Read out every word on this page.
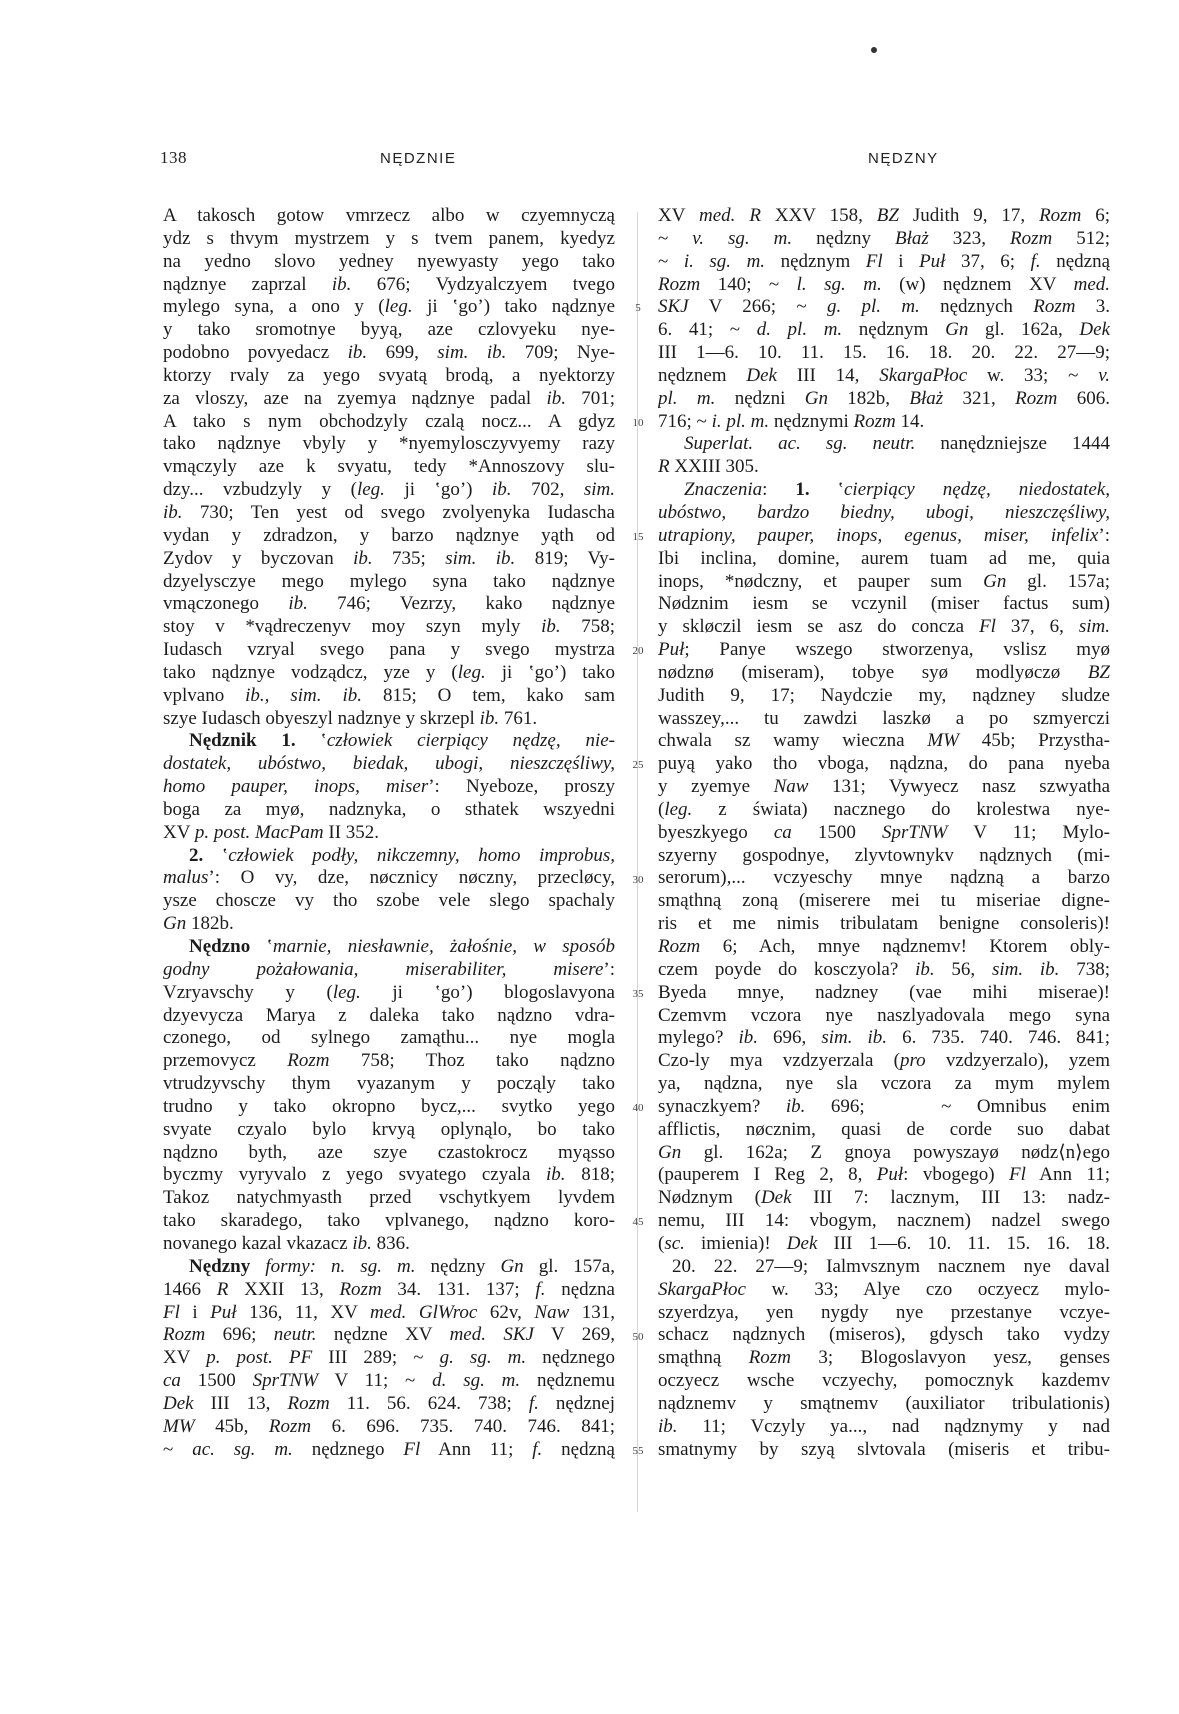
138	NĘDZNIE	NĘDZNY
A takosch gotow vmrzecz albo w czyemnyczą
ydz s thvym mystrzem y s tvem panem, kyedyz
na yedno slovo yedney nyewyasty yego tako
nądznye zaprzal ib. 676; Vydzyalczyem tvego
mylego syna, a ono y (leg. ji ʽgoʼ) tako nądznye
y tako sromotnye byyą, aze czlovyeku nye-
podobno povyedacz ib. 699, sim. ib. 709; Nye-
ktorzy rvaly za yego svyatą brodą, a nyektorzy
za vloszy, aze na zyemya nądznye padal ib. 701;
A tako s nym obchodzyly czalą nocz... A gdyz
tako nądznye vbyly y *nyemylosczyvyemy razy
vmączyly aze k svyatu, tedy *Annoszovy slu-
dzy... vzbudzyly y (leg. ji ʽgoʼ) ib. 702, sim.
ib. 730; Ten yest od svego zvolyenyka Iudascha
vydan y zdradzon, y barzo nądznye yąth od
Zydov y byczovan ib. 735; sim. ib. 819; Vy-
dzyelysczye mego mylego syna tako nądznye
vmączonego ib. 746; Vezrzy, kako nądznye
stoy v *vądreczenyv moy szyn myly ib. 758;
Iudasch vzryal svego pana y svego mystrza
tako nądznye vodządcz, yze y (leg. ji ʽgoʼ) tako
vplvano ib., sim. ib. 815; O tem, kako sam
szye Iudasch obyeszyl nadznye y skrzepl ib. 761.
Nędznik 1. ʽczłowiek cierpiący nędzę, nie-
dostatek, ubóstwo, biedak, ubogi, nieszczęśliwy,
homo pauper, inops, miserʼ: Nyeboze, proszy
boga za myø, nadznyka, o sthatek wszyedni
XV p. post. MacPam II 352.
2. ʽczłowiek podły, nikczemny, homo improbus,
malusʼ: O vy, dze, nøcznicy nøczny, przecløcy,
ysze choscze vy tho szobe vele slego spachaly
Gn 182b.
Nędzno ʽmarnie, niesławnie, żałośnie, w sposób
godny pożałowania, miserabiliter, misereʼ:
Vzryavschy y (leg. ji ʽgoʼ) blogoslavyona
dzyevyczа Marya z daleka tako nądzno vdra-
czonego, od sylnego zamąthu... nye mogla
przemovycz Rozm 758; Thoz tako nądzno
vtrudzyvschy thym vyazanym y począly tako
trudno y tako okropno bycz,... svytko yego
svyate czyalo bylo krvyą oplynąlo, bo tako
nądzno byth, aze szye czastokrocz myąsso
byczmy vyryvalo z yego svyatego czyala ib. 818;
Takoz natychmyasth przed vschytkyem lyvdem
tako skaradego, tako vplvanego, nądzno koro-
novanego kazal vkazacz ib. 836.
Nędzny formy: n. sg. m. nędzny Gn gl. 157a,
1466 R XXII 13, Rozm 34. 131. 137; f. nędzna
Fl i Puł 136, 11, XV med. GlWroc 62v, Naw 131,
Rozm 696; neutr. nędzne XV med. SKJ V 269,
XV p. post. PF III 289; ~ g. sg. m. nędznego
ca 1500 SprTNW V 11; ~ d. sg. m. nędznemu
Dek III 13, Rozm 11. 56. 624. 738; f. nędznej
MW 45b, Rozm 6. 696. 735. 740. 746. 841;
~ ac. sg. m. nędznego Fl Ann 11; f. nędzną
5
10
15
20
25
30
35
40
45
50
55
XV med. R XXV 158, BZ Judith 9, 17, Rozm 6;
~ v. sg. m. nędzny Błaż 323, Rozm 512;
~ i. sg. m. nędznym Fl i Puł 37, 6; f. nędzną
Rozm 140; ~ l. sg. m. (w) nędznem XV med.
SKJ V 266; ~ g. pl. m. nędznych Rozm 3.
6. 41; ~ d. pl. m. nędznym Gn gl. 162a, Dek
III 1—6. 10. 11. 15. 16. 18. 20. 22. 27—9;
nędznem Dek III 14, SkargaPłoc w. 33; ~ v.
pl. m. nędzni Gn 182b, Błaż 321, Rozm 606.
716; ~ i. pl. m. nędznymi Rozm 14.
Superlat. ac. sg. neutr. nanędzniejsze 1444
R XXIII 305.
Znaczenia: 1. ʽcierpiący nędzę, niedostatek,
ubóstwo, bardzo biedny, ubogi, nieszczęśliwy,
utrapiony, pauper, inops, egenus, miser, infelixʼ:
Ibi inclina, domine, aurem tuam ad me, quia
inops, *nødczny, et pauper sum Gn gl. 157a;
Nødznim iesm se vczynil (miser factus sum)
y skløczil iesm se asz do concza Fl 37, 6, sim.
Puł; Panye wszego stworzenya, vslisz myø
nødznø (miseram), tobye syø modlyøczø BZ
Judith 9, 17; Naydczie my, nądzney sludze
wasszey,... tu zawdzi laszkø a po szmyerczi
chwala sz wamy wieczna MW 45b; Przystha-
puyą yako tho vboga, nądzna, do pana nyeba
y zyemye Naw 131; Vywyecz nasz szwyatha
(leg. z świata) nacznego do krolestwa nye-
byeszkyego ca 1500 SprTNW V 11; Mylo-
szyerny gospodnye, zlyvtownykv nądznych (mi-
serorum),... vczyeschy mnye nądzną a barzo
smąthną zoną (miserere mei tu miseriae digne-
ris et me nimis tribulatam benigne consoleris)!
Rozm 6; Ach, mnye nądznemv! Ktorem obly-
czem poyde do kosczyola? ib. 56, sim. ib. 738;
Byeda mnye, nadzney (vae mihi miserae)!
Czemvm vczora nye naszlyadovala mego syna
mylego? ib. 696, sim. ib. 6. 735. 740. 746. 841;
Czo-ly mya vzdzyerzala (pro vzdzyerzalo), yzem
ya, nądzna, nye sla vczora za mym mylem
synaczkyem? ib. 696;   ~ Omnibus enim
afflictis, nøcznim, quasi de corde suo dabat
Gn gl. 162a; Z gnoya powyszayø nødz⟨n⟩ego
(pauperem I Reg 2, 8, Puł: vbogego) Fl Ann 11;
Nødznym (Dek III 7: lacznym, III 13: nadz-
nemu, III 14: vbogym, nacznem) nadzel swego
(sc. imienia)! Dek III 1—6. 10. 11. 15. 16. 18.
20. 22. 27—9; Ialmvsznym nacznem nye daval
SkargaPłoc w. 33; Alye czo oczyecz mylo-
szyerdzya, yen nygdy nye przestanye vczye-
schacz nądznych (miseros), gdysch tako vydzy
smąthną Rozm 3; Blogoslavyon yesz, genses
oczyecz wsche vczyechy, pomocznyk kazdemv
nądznemv y smątnemv (auxiliator tribulationis)
ib. 11; Vczyly ya..., nad nądznymy y nad
smatnymy by szyą slvtovala (miseris et tribu-
